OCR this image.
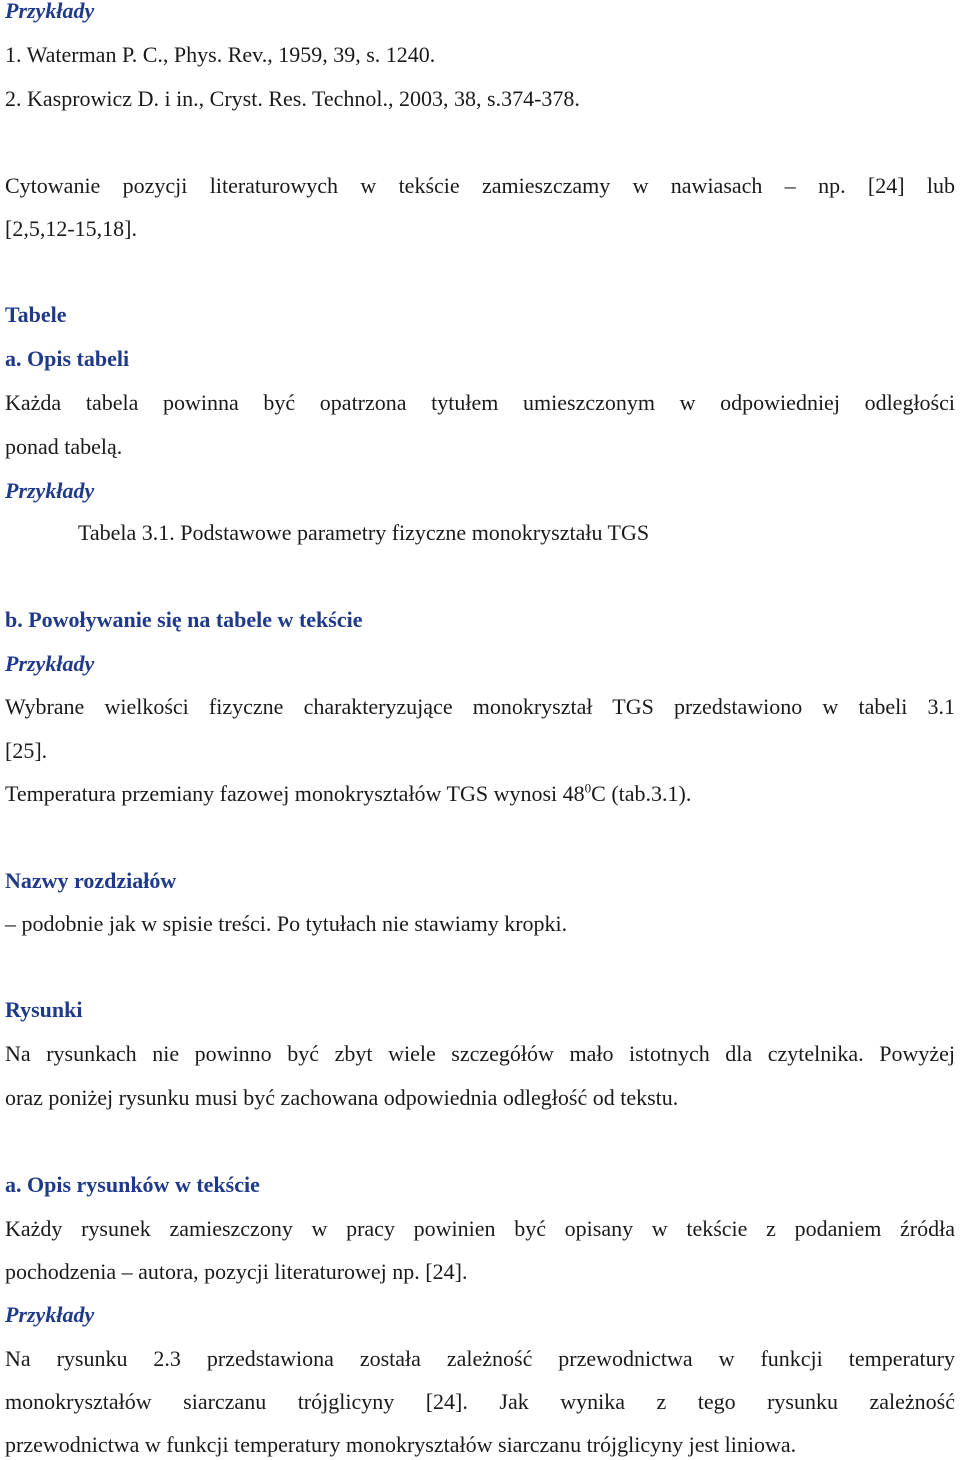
Przykłady
1. Waterman P. C., Phys. Rev., 1959, 39, s. 1240.
2. Kasprowicz D. i in., Cryst. Res. Technol., 2003, 38, s.374-378.
Cytowanie pozycji literaturowych w tekście zamieszczamy w nawiasach – np. [24] lub
[2,5,12-15,18].
Tabele
a. Opis tabeli
Każda tabela powinna być opatrzona tytułem umieszczonym w odpowiedniej odległości
ponad tabelą.
Przykłady
Tabela 3.1. Podstawowe parametry fizyczne monokryształu TGS
b. Powoływanie się na tabele w tekście
Przykłady
Wybrane wielkości fizyczne charakteryzujące monokryształ TGS przedstawiono w tabeli 3.1
[25].
Temperatura przemiany fazowej monokryształów TGS wynosi $48^0C$ (tab.3.1).
Nazwy rozdziałów
– podobnie jak w spisie treści. Po tytułach nie stawiamy kropki.
Rysunki
Na rysunkach nie powinno być zbyt wiele szczegółów mało istotnych dla czytelnika. Powyżej
oraz poniżej rysunku musi być zachowana odpowiednia odległość od tekstu.
a. Opis rysunków w tekście
Każdy rysunek zamieszczony w pracy powinien być opisany w tekście z podaniem źródła
pochodzenia – autora, pozycji literaturowej np. [24].
Przykłady
Na rysunku 2.3 przedstawiona została zależność przewodnictwa w funkcji temperatury
monokryształów siarczanu trójglicyny [24]. Jak wynika z tego rysunku zależność
przewodnictwa w funkcji temperatury monokryształów siarczanu trójglicyny jest liniowa.
